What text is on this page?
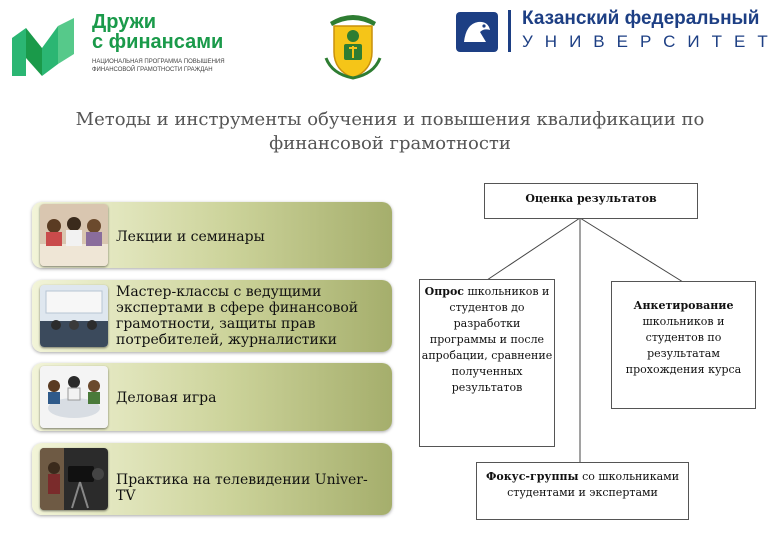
Дружи
с финансами
НАЦИОНАЛЬНАЯ ПРОГРАММА ПОВЫШЕНИЯ ФИНАНСОВОЙ ГРАМОТНОСТИ ГРАЖДАН
Казанский федеральный
УНИВЕРСИТЕТ
Методы и инструменты обучения и повышения квалификации по
финансовой грамотности
Лекции и семинары
Мастер-классы с ведущими экспертами в сфере финансовой грамотности, защиты прав потребителей, журналистики
Деловая игра
Практика на телевидении Univer-TV
Оценка результатов
Опрос школьников и студентов до разработки программы и после апробации, сравнение полученных результатов
Анкетирование
школьников и студентов по результатам прохождения курса
Фокус-группы со школьниками студентами и экспертами
